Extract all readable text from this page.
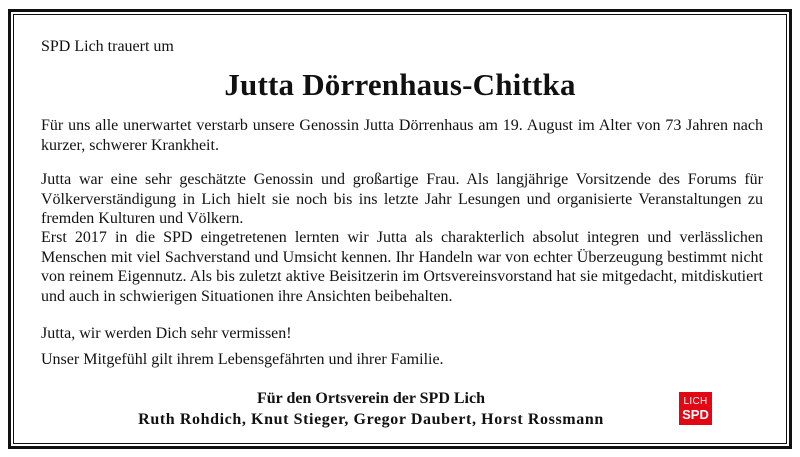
SPD Lich trauert um
Jutta Dörrenhaus-Chittka
Für uns alle unerwartet verstarb unsere Genossin Jutta Dörrenhaus am 19. August im Alter von 73 Jahren nach kurzer, schwerer Krankheit.
Jutta war eine sehr geschätzte Genossin und großartige Frau. Als langjährige Vorsitzende des Forums für Völkerverständigung in Lich hielt sie noch bis ins letzte Jahr Lesungen und organisierte Veranstaltungen zu fremden Kulturen und Völkern.
Erst 2017 in die SPD eingetretenen lernten wir Jutta als charakterlich absolut integren und verlässlichen Menschen mit viel Sachverstand und Umsicht kennen. Ihr Handeln war von echter Überzeugung bestimmt nicht von reinem Eigennutz. Als bis zuletzt aktive Beisitzerin im Ortsvereinsvorstand hat sie mitgedacht, mitdiskutiert und auch in schwierigen Situationen ihre Ansichten beibehalten.
Jutta, wir werden Dich sehr vermissen!
Unser Mitgefühl gilt ihrem Lebensgefährten und ihrer Familie.
Für den Ortsverein der SPD Lich
Ruth Rohdich, Knut Stieger, Gregor Daubert, Horst Rossmann
LICH
SPD
